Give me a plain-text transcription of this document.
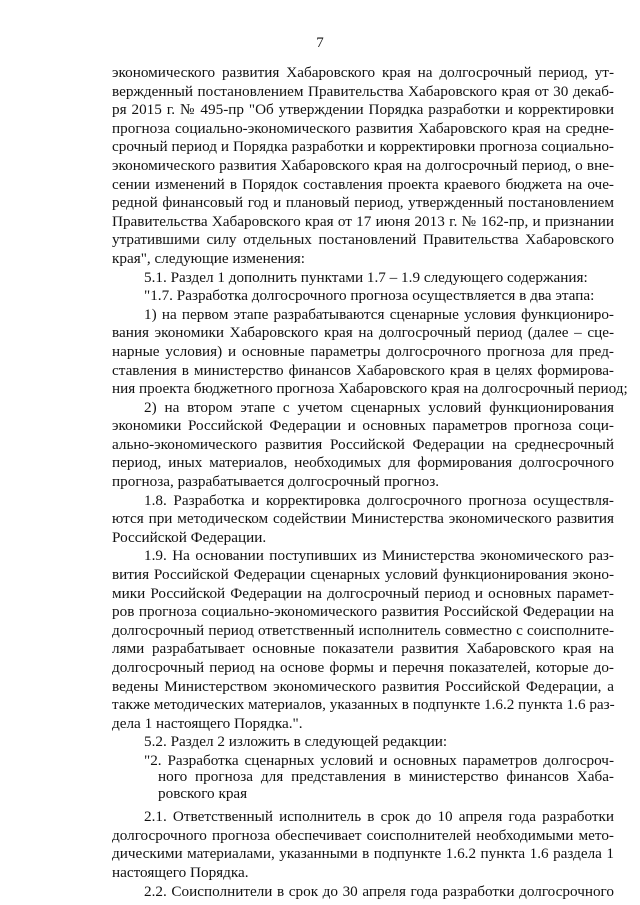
7
экономического развития Хабаровского края на долгосрочный период, ут-
вержденный постановлением Правительства Хабаровского края от 30 декаб-
ря 2015 г. № 495-пр "Об утверждении Порядка разработки и корректировки
прогноза социально-экономического развития Хабаровского края на средне-
срочный период и Порядка разработки и корректировки прогноза социально-
экономического развития Хабаровского края на долгосрочный период, о вне-
сении изменений в Порядок составления проекта краевого бюджета на оче-
редной финансовый год и плановый период, утвержденный постановлением
Правительства Хабаровского края от 17 июня 2013 г. № 162-пр, и признании
утратившими силу отдельных постановлений Правительства Хабаровского
края", следующие изменения:
5.1. Раздел 1 дополнить пунктами 1.7 – 1.9 следующего содержания:
"1.7. Разработка долгосрочного прогноза осуществляется в два этапа:
1) на первом этапе разрабатываются сценарные условия функциониро-
вания экономики Хабаровского края на долгосрочный период (далее – сце-
нарные условия) и основные параметры долгосрочного прогноза для пред-
ставления в министерство финансов Хабаровского края в целях формирова-
ния проекта бюджетного прогноза Хабаровского края на долгосрочный период;
2) на втором этапе с учетом сценарных условий функционирования
экономики Российской Федерации и основных параметров прогноза соци-
ально-экономического развития Российской Федерации на среднесрочный
период, иных материалов, необходимых для формирования долгосрочного
прогноза, разрабатывается долгосрочный прогноз.
1.8. Разработка и корректировка долгосрочного прогноза осуществля-
ются при методическом содействии Министерства экономического развития
Российской Федерации.
1.9. На основании поступивших из Министерства экономического раз-
вития Российской Федерации сценарных условий функционирования эконо-
мики Российской Федерации на долгосрочный период и основных парамет-
ров прогноза социально-экономического развития Российской Федерации на
долгосрочный период ответственный исполнитель совместно с соисполните-
лями разрабатывает основные показатели развития Хабаровского края на
долгосрочный период на основе формы и перечня показателей, которые до-
ведены Министерством экономического развития Российской Федерации, а
также методических материалов, указанных в подпункте 1.6.2 пункта 1.6 раз-
дела 1 настоящего Порядка.".
5.2. Раздел 2 изложить в следующей редакции:
"2. Разработка сценарных условий и основных параметров долгосроч-
ного прогноза для представления в министерство финансов Хаба-
ровского края
2.1. Ответственный исполнитель в срок до 10 апреля года разработки
долгосрочного прогноза обеспечивает соисполнителей необходимыми мето-
дическими материалами, указанными в подпункте 1.6.2 пункта 1.6 раздела 1
настоящего Порядка.
2.2. Соисполнители в срок до 30 апреля года разработки долгосрочного
